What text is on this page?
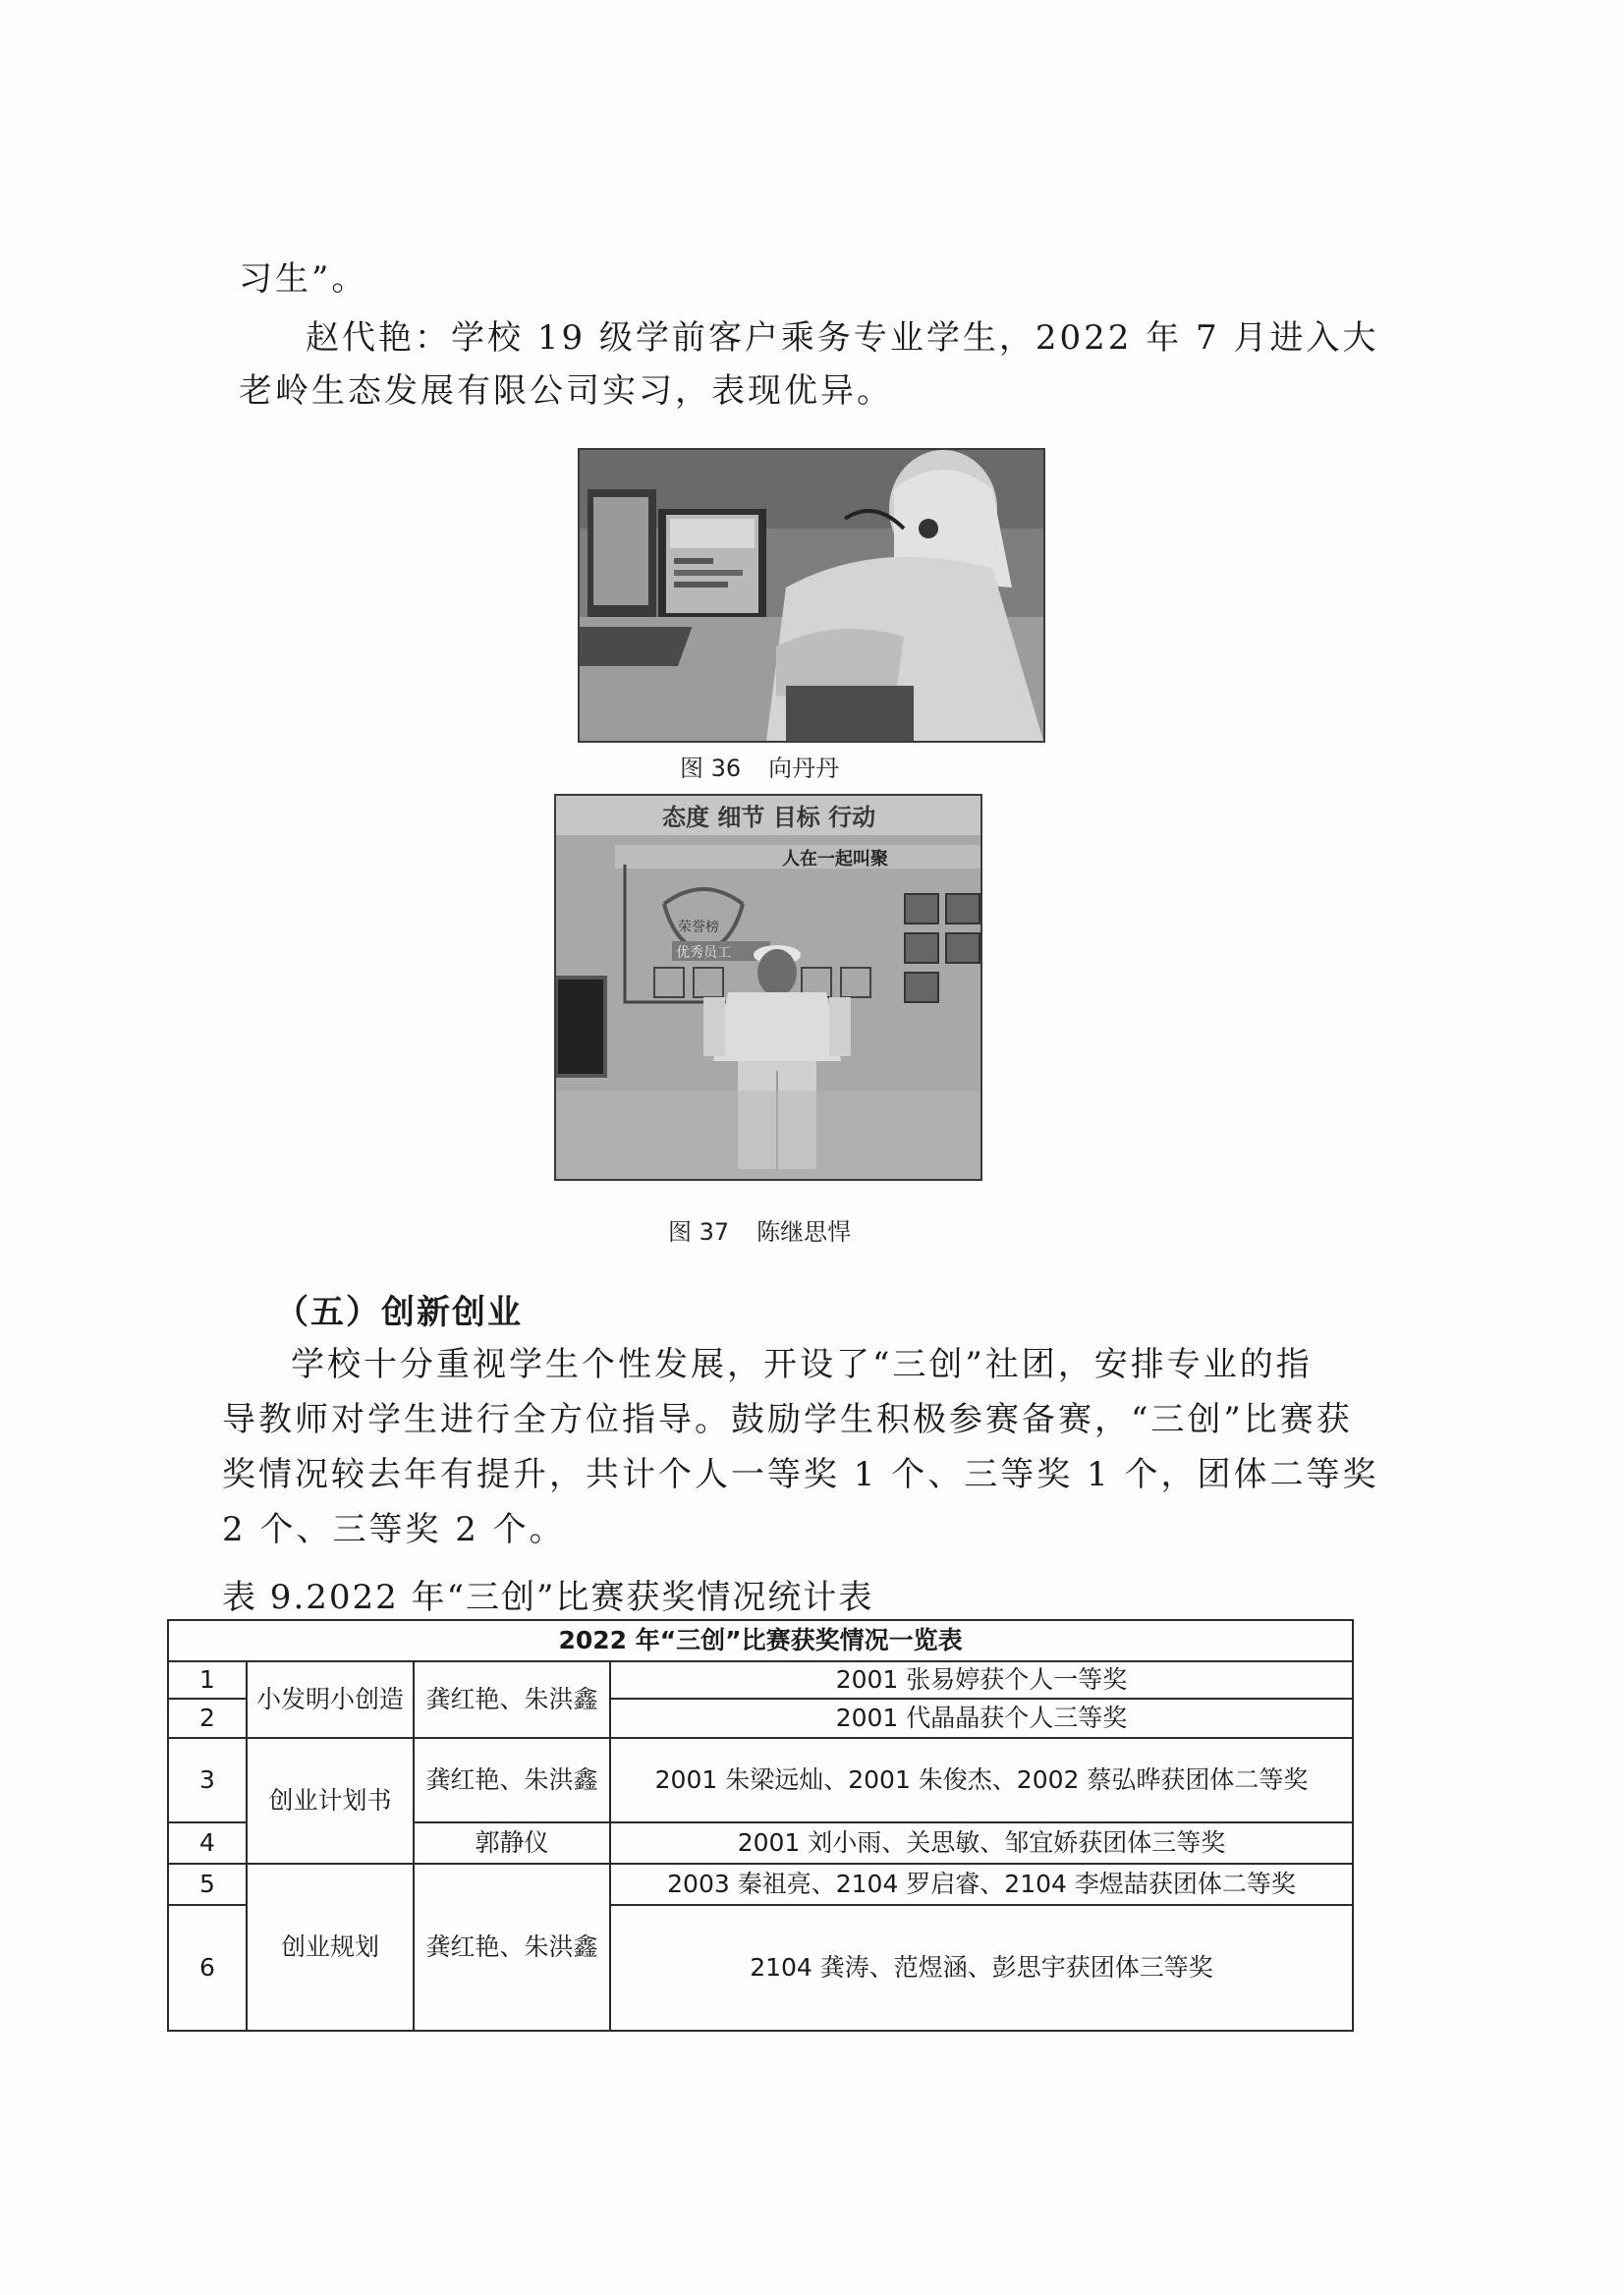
习生”。
赵代艳：学校 19 级学前客户乘务专业学生，2022 年 7 月进入大
老岭生态发展有限公司实习，表现优异。
图 36 向丹丹
态度 细节 目标 行动
人在一起叫聚
荣誉榜
优秀员工
图 37 陈继思悍
（五）创新创业
学校十分重视学生个性发展，开设了“三创”社团，安排专业的指
导教师对学生进行全方位指导。鼓励学生积极参赛备赛，“三创”比赛获
奖情况较去年有提升，共计个人一等奖 1 个、三等奖 1 个，团体二等奖
2 个、三等奖 2 个。
表 9.2022 年“三创”比赛获奖情况统计表
2022 年“三创”比赛获奖情况一览表			
1	小发明小创造	龚红艳、朱洪鑫	2001 张易婷获个人一等奖
2			2001 代晶晶获个人三等奖
3	创业计划书	龚红艳、朱洪鑫	2001 朱梁远灿、2001 朱俊杰、2002 蔡弘晔获团体二等奖
4		郭静仪	2001 刘小雨、关思敏、邹宜娇获团体三等奖
5	创业规划	龚红艳、朱洪鑫	2003 秦祖亮、2104 罗启睿、2104 李煜喆获团体二等奖
6			2104 龚涛、范煜涵、彭思宇获团体三等奖
